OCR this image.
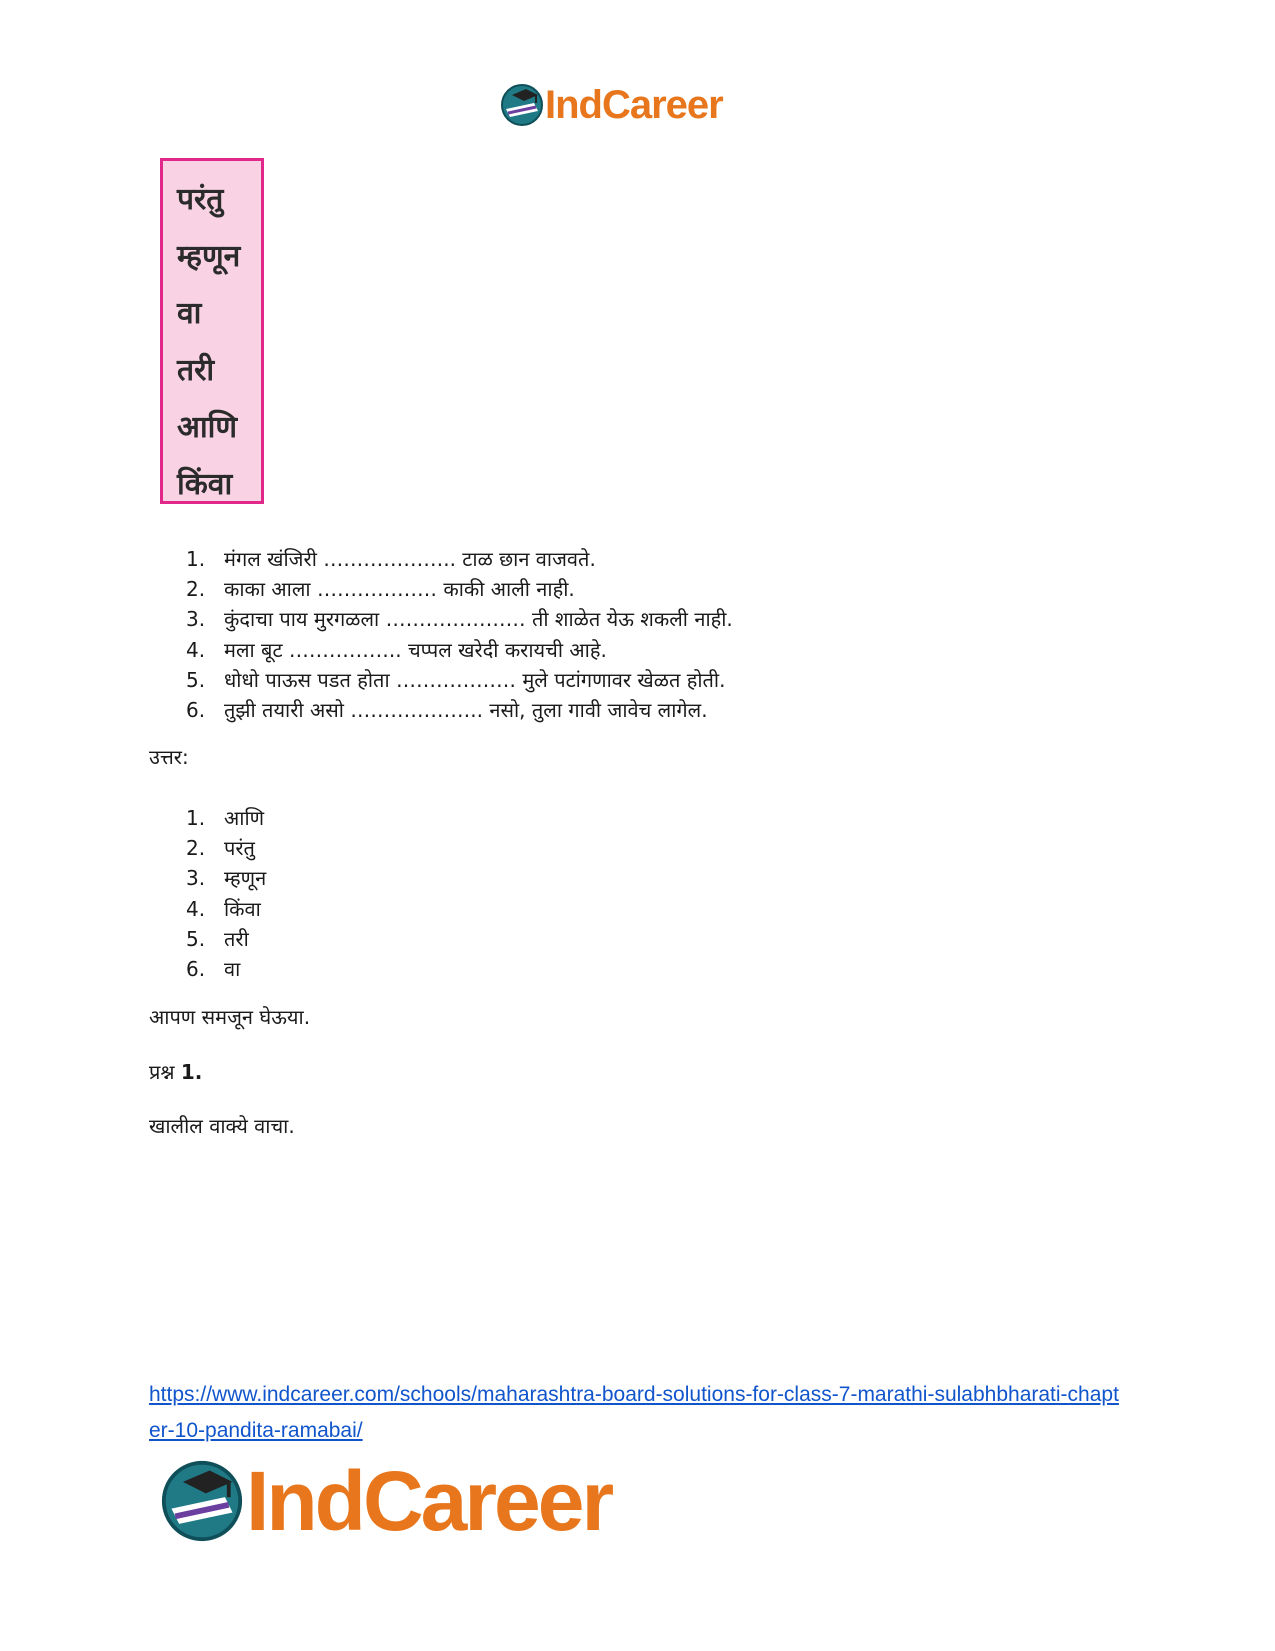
IndCareer
परंतु
म्हणून
वा
तरी
आणि
किंवा
1. मंगल खंजिरी ……………….. टाळ छान वाजवते.
2. काका आला ……………… काकी आली नाही.
3. कुंदाचा पाय मुरगळला ………………… ती शाळेत येऊ शकली नाही.
4. मला बूट …………….. चप्पल खरेदी करायची आहे.
5. धोधो पाऊस पडत होता ……………… मुले पटांगणावर खेळत होती.
6. तुझी तयारी असो ……………….. नसो, तुला गावी जावेच लागेल.
उत्तर:
1. आणि
2. परंतु
3. म्हणून
4. किंवा
5. तरी
6. वा
आपण समजून घेऊया.
प्रश्न 1.
खालील वाक्ये वाचा.
https://www.indcareer.com/schools/maharashtra-board-solutions-for-class-7-marathi-sulabhbharati-chapter-10-pandita-ramabai/
IndCareer
